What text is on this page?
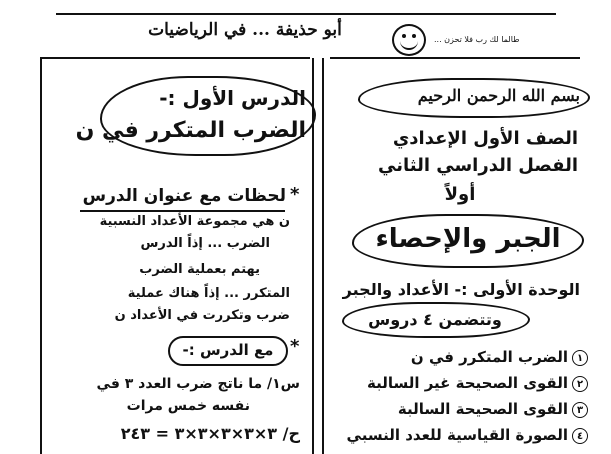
أبو حذيفة ... في الرياضيات	طالما لك رب فلا تحزن ...
بسم الله الرحمن الرحيم
الصف الأول الإعدادي
الفصل الدراسي الثاني
أولاً
الجبر والإحصاء
الوحدة الأولى :- الأعداد والجبر
وتتضمن ٤ دروس
١
الضرب المتكرر في ن
٢
القوى الصحيحة غير السالبة
٣
القوى الصحيحة السالبة
٤
الصورة القياسية للعدد النسبي
الدرس الأول :-
الضرب المتكرر في ن
*
لحظات مع عنوان الدرس
ن هي مجموعة الأعداد النسبية
الضرب ... إذاً الدرس
يهتم بعملية الضرب
المتكرر ... إذاً هناك عملية
ضرب وتكررت في الأعداد ن
*
مع الدرس :-
س١/ ما ناتج ضرب العدد ٣ في
نفسه خمس مرات
ح/ ٣×٣×٣×٣×٣ = ٢٤٣
